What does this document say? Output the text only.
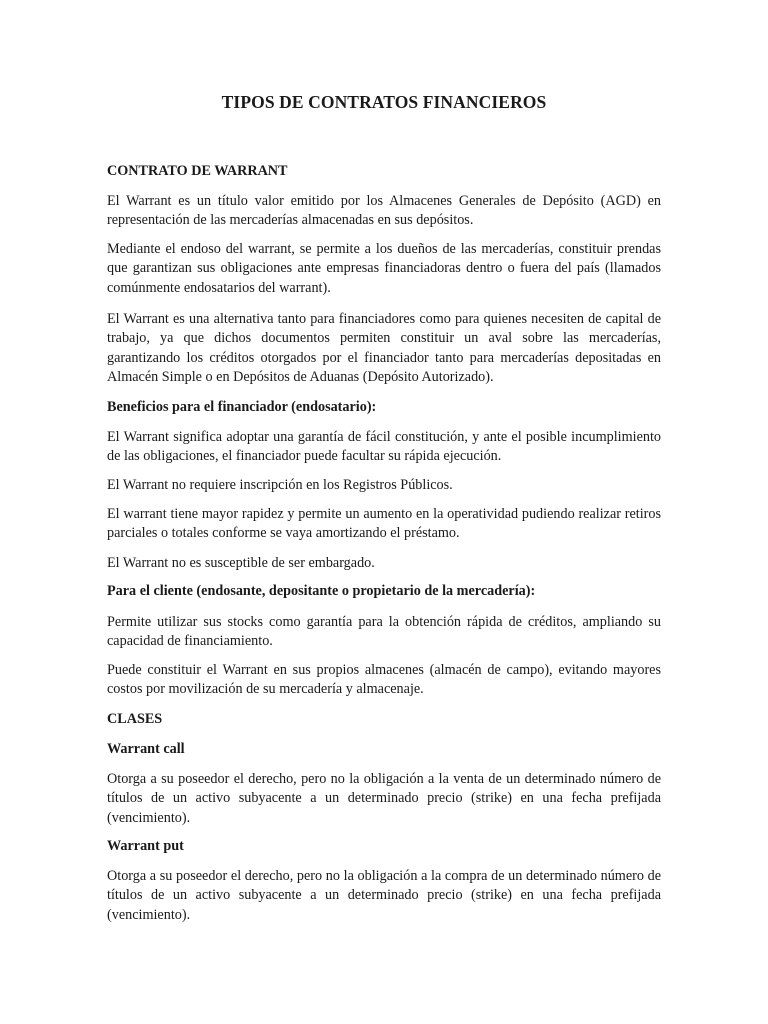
TIPOS DE CONTRATOS FINANCIEROS

CONTRATO DE WARRANT

El Warrant es un título valor emitido por los Almacenes Generales de Depósito (AGD) en representación de las mercaderías almacenadas en sus depósitos.

Mediante el endoso del warrant, se permite a los dueños de las mercaderías, constituir prendas que garantizan sus obligaciones ante empresas financiadoras dentro o fuera del país (llamados comúnmente endosatarios del warrant).

El Warrant es una alternativa tanto para financiadores como para quienes necesiten de capital de trabajo, ya que dichos documentos permiten constituir un aval sobre las mercaderías, garantizando los créditos otorgados por el financiador tanto para mercaderías depositadas en Almacén Simple o en Depósitos de Aduanas (Depósito Autorizado).

Beneficios para el financiador (endosatario):

El Warrant significa adoptar una garantía de fácil constitución, y ante el posible incumplimiento de las obligaciones, el financiador puede facultar su rápida ejecución.

El Warrant no requiere inscripción en los Registros Públicos.

El warrant tiene mayor rapidez y permite un aumento en la operatividad pudiendo realizar retiros parciales o totales conforme se vaya amortizando el préstamo.

El Warrant no es susceptible de ser embargado.

Para el cliente (endosante, depositante o propietario de la mercadería):

Permite utilizar sus stocks como garantía para la obtención rápida de créditos, ampliando su capacidad de financiamiento.

Puede constituir el Warrant en sus propios almacenes (almacén de campo), evitando mayores costos por movilización de su mercadería y almacenaje.

CLASES

Warrant call

Otorga a su poseedor el derecho, pero no la obligación a la venta de un determinado número de títulos de un activo subyacente a un determinado precio (strike) en una fecha prefijada (vencimiento).

Warrant put

Otorga a su poseedor el derecho, pero no la obligación a la compra de un determinado número de títulos de un activo subyacente a un determinado precio (strike) en una fecha prefijada (vencimiento).
